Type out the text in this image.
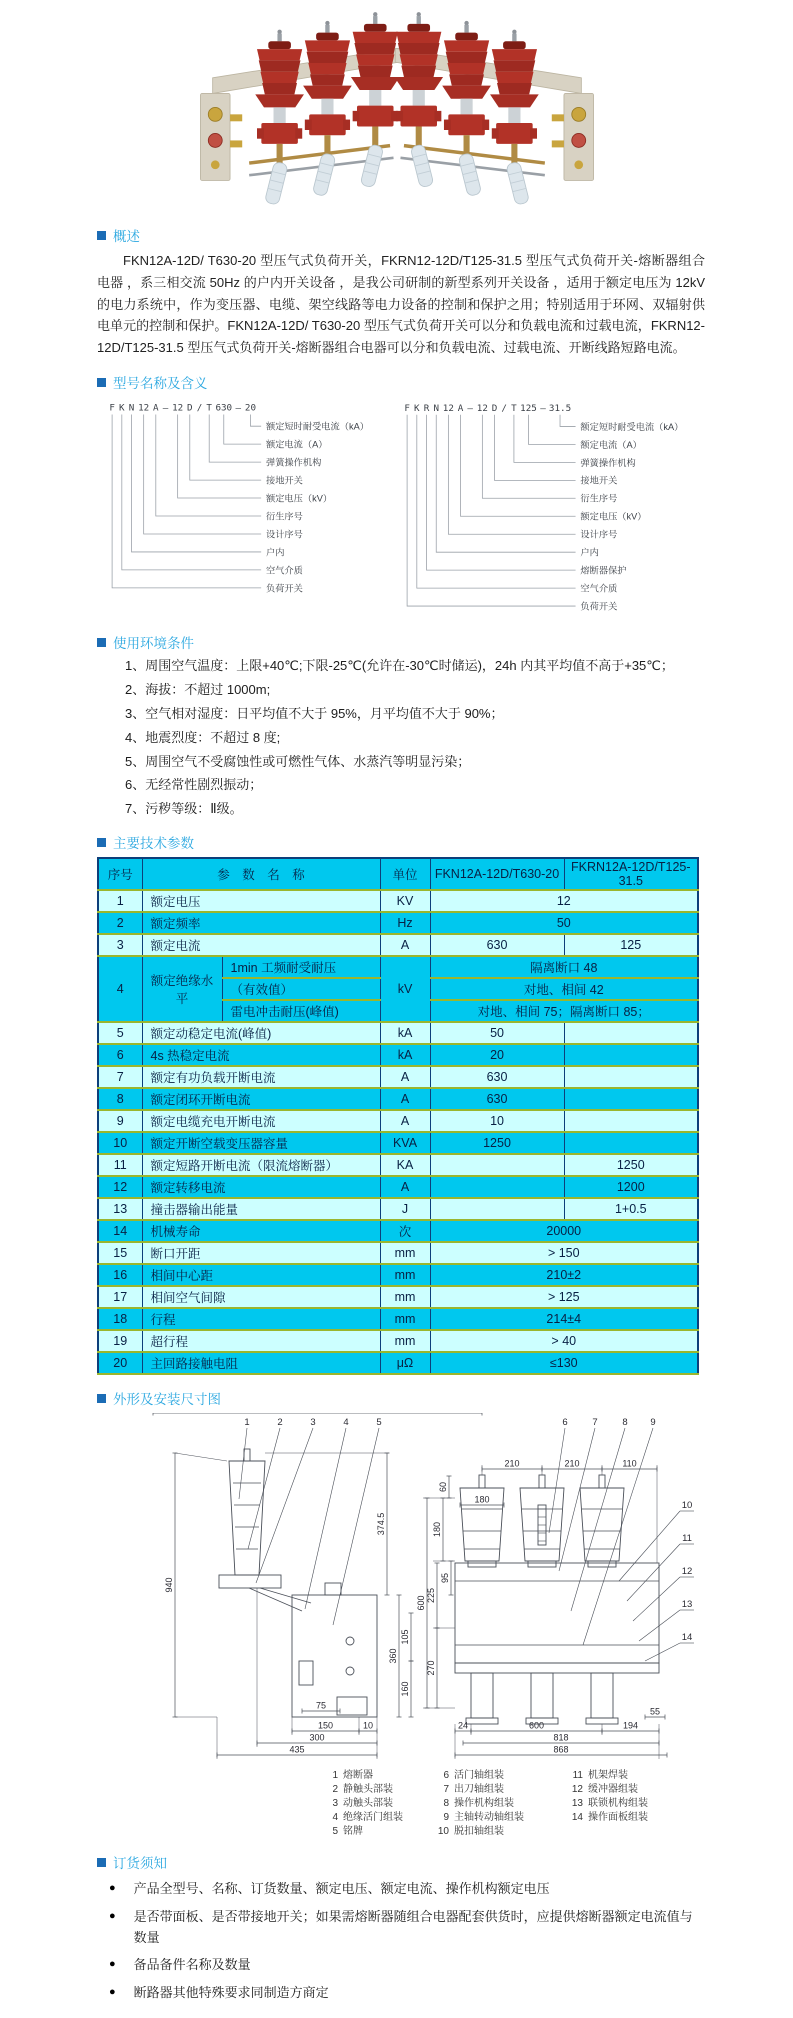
概述

FKN12A-12D/ T630-20 型压气式负荷开关，FKRN12-12D/T125-31.5 型压气式负荷开关-熔断器组合电器 ，系三相交流 50Hz 的户内开关设备 ，是我公司研制的新型系列开关设备 ，适用于额定电压为 12kV 的电力系统中，作为变压器、电缆、架空线路等电力设备的控制和保护之用；特别适用于环网、双辐射供电单元的控制和保护。FKN12A-12D/ T630-20 型压气式负荷开关可以分和负载电流和过载电流，FKRN12-12D/T125-31.5 型压气式负荷开关-熔断器组合电器可以分和负载电流、过载电流、开断线路短路电流。

型号名称及含义
F K N 12 A – 12 D / T 630 – 20
额定短时耐受电流（kA）
额定电流（A）
弹簧操作机构
接地开关
额定电压（kV）
衍生序号
设计序号
户内
空气介质
负荷开关
F K R N 12 A – 12 D / T 125 – 31.5
额定短时耐受电流（kA）
额定电流（A）
弹簧操作机构
接地开关
衍生序号
额定电压（kV）
设计序号
户内
熔断器保护
空气介质
负荷开关
使用环境条件
1、周围空气温度：上限+40℃;下限-25℃(允许在-30℃时储运)，24h 内其平均值不高于+35℃；
2、海拔：不超过 1000m;
3、空气相对湿度：日平均值不大于 95%，月平均值不大于 90%；
4、地震烈度：不超过 8 度;
5、周围空气不受腐蚀性或可燃性气体、水蒸汽等明显污染；
6、无经常性剧烈振动；
7、污秽等级：Ⅱ级。
主要技术参数
序号	参　数　名　称		单位	FKN12A-12D/T630-20	FKRN12A-12D/T125-31.5
1	额定电压		KV	12	
2	额定频率		Hz	50	
3	额定电流		A	630	125
4	额定绝缘水平	1min 工频耐受耐压	kV	隔离断口 48	
		（有效值）		对地、相间 42	
		雷电冲击耐压(峰值)		对地、相间 75；隔离断口 85；	
5	额定动稳定电流(峰值)		kA	50	
6	4s 热稳定电流		kA	20	
7	额定有功负载开断电流		A	630	
8	额定闭环开断电流		A	630	
9	额定电缆充电开断电流		A	10	
10	额定开断空载变压器容量		KVA	1250	
11	额定短路开断电流（限流熔断器）		KA		1250
12	额定转移电流		A		1200
13	撞击器输出能量		J		1+0.5
14	机械寿命		次	20000	
15	断口开距		mm	> 150	
16	相间中心距		mm	210±2	
17	相间空气间隙		mm	> 125	
18	行程		mm	214±4	
19	超行程		mm	> 40	
20	主回路接触电阻		μΩ	≤130	
外形及安装尺寸图
940
374.5
360
105
160
75
150	10
300
435
1	2	3	4	5
210	210	110
180
60
180
95
225
270
600
24	600	194
818
868
55
6	7	8 9
10
11
12
13
14
1 熔断器
2 静触头部装
3 动触头部装
4 绝缘活门组装
5 铭牌
6 活门轴组装
7 出刀轴组装
8 操作机构组装
9 主轴转动轴组装
10 脱扣轴组装
11 机架焊装
12 缓冲器组装
13 联锁机构组装
14 操作面板组装
订货须知
● 产品全型号、名称、订货数量、额定电压、额定电流、操作机构额定电压
● 是否带面板、是否带接地开关；如果需熔断器随组合电器配套供货时，应提供熔断器额定电流值与数量
● 备品备件名称及数量
● 断路器其他特殊要求同制造方商定
